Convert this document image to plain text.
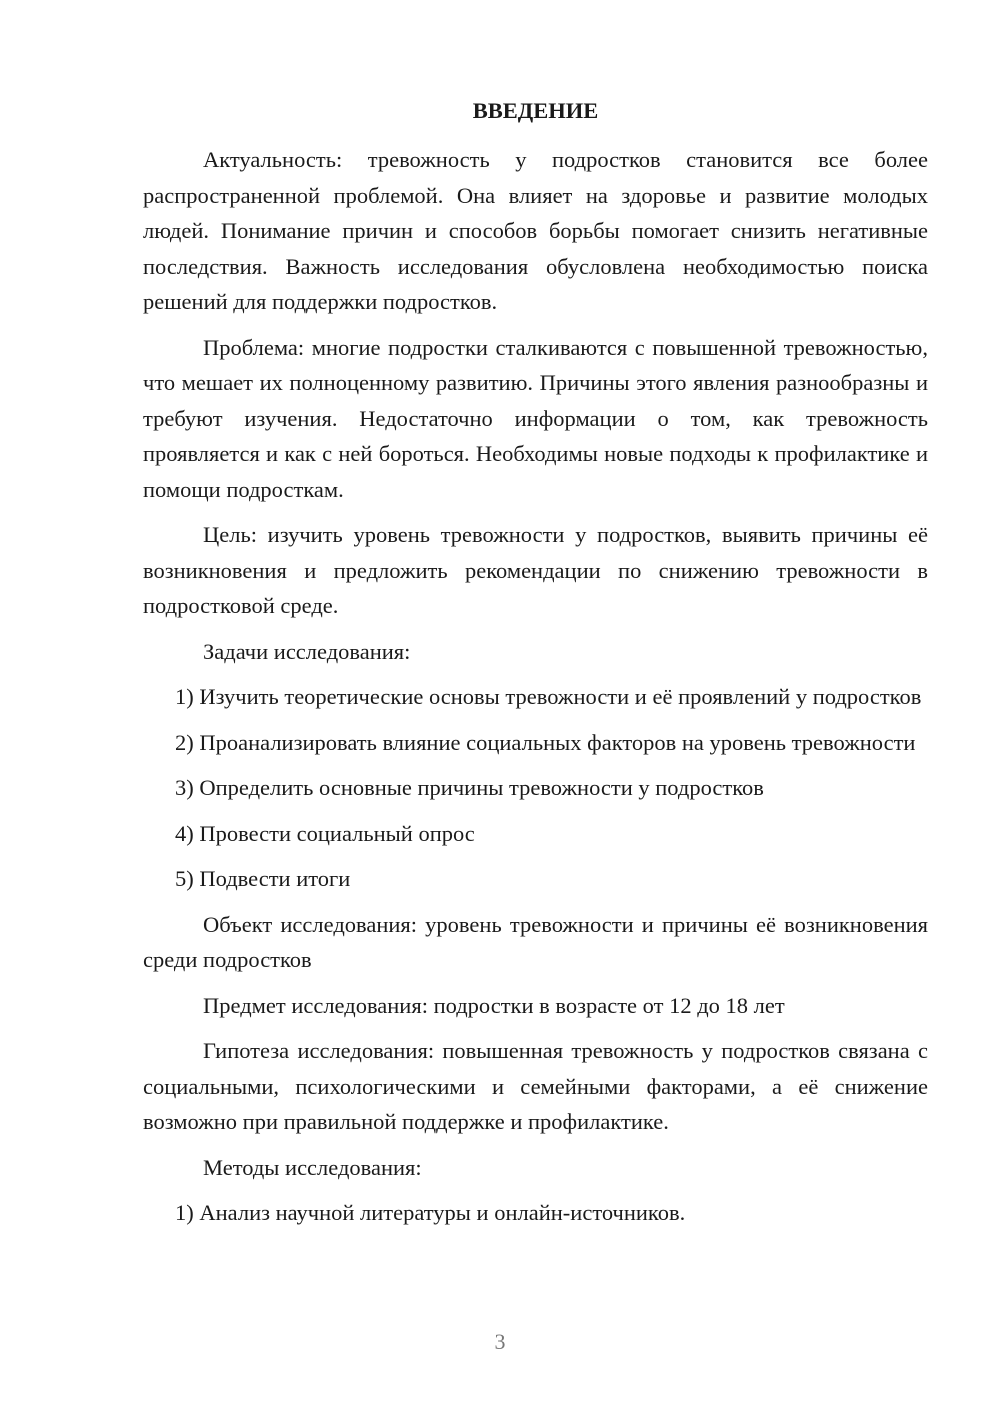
ВВЕДЕНИЕ

Актуальность: тревожность у подростков становится все более распространенной проблемой. Она влияет на здоровье и развитие молодых людей. Понимание причин и способов борьбы помогает снизить негативные последствия. Важность исследования обусловлена необходимостью поиска решений для поддержки подростков.

Проблема: многие подростки сталкиваются с повышенной тревожностью, что мешает их полноценному развитию. Причины этого явления разнообразны и требуют изучения. Недостаточно информации о том, как тревожность проявляется и как с ней бороться. Необходимы новые подходы к профилактике и помощи подросткам.

Цель: изучить уровень тревожности у подростков, выявить причины её возникновения и предложить рекомендации по снижению тревожности в подростковой среде.

Задачи исследования:

1) Изучить теоретические основы тревожности и её проявлений у подростков

2) Проанализировать влияние социальных факторов на уровень тревожности

3) Определить основные причины тревожности у подростков

4) Провести социальный опрос

5) Подвести итоги

Объект исследования: уровень тревожности и причины её возникновения среди подростков

Предмет исследования: подростки в возрасте от 12 до 18 лет

Гипотеза исследования: повышенная тревожность у подростков связана с социальными, психологическими и семейными факторами, а её снижение возможно при правильной поддержке и профилактике.

Методы исследования:

1) Анализ научной литературы и онлайн-источников.

3
